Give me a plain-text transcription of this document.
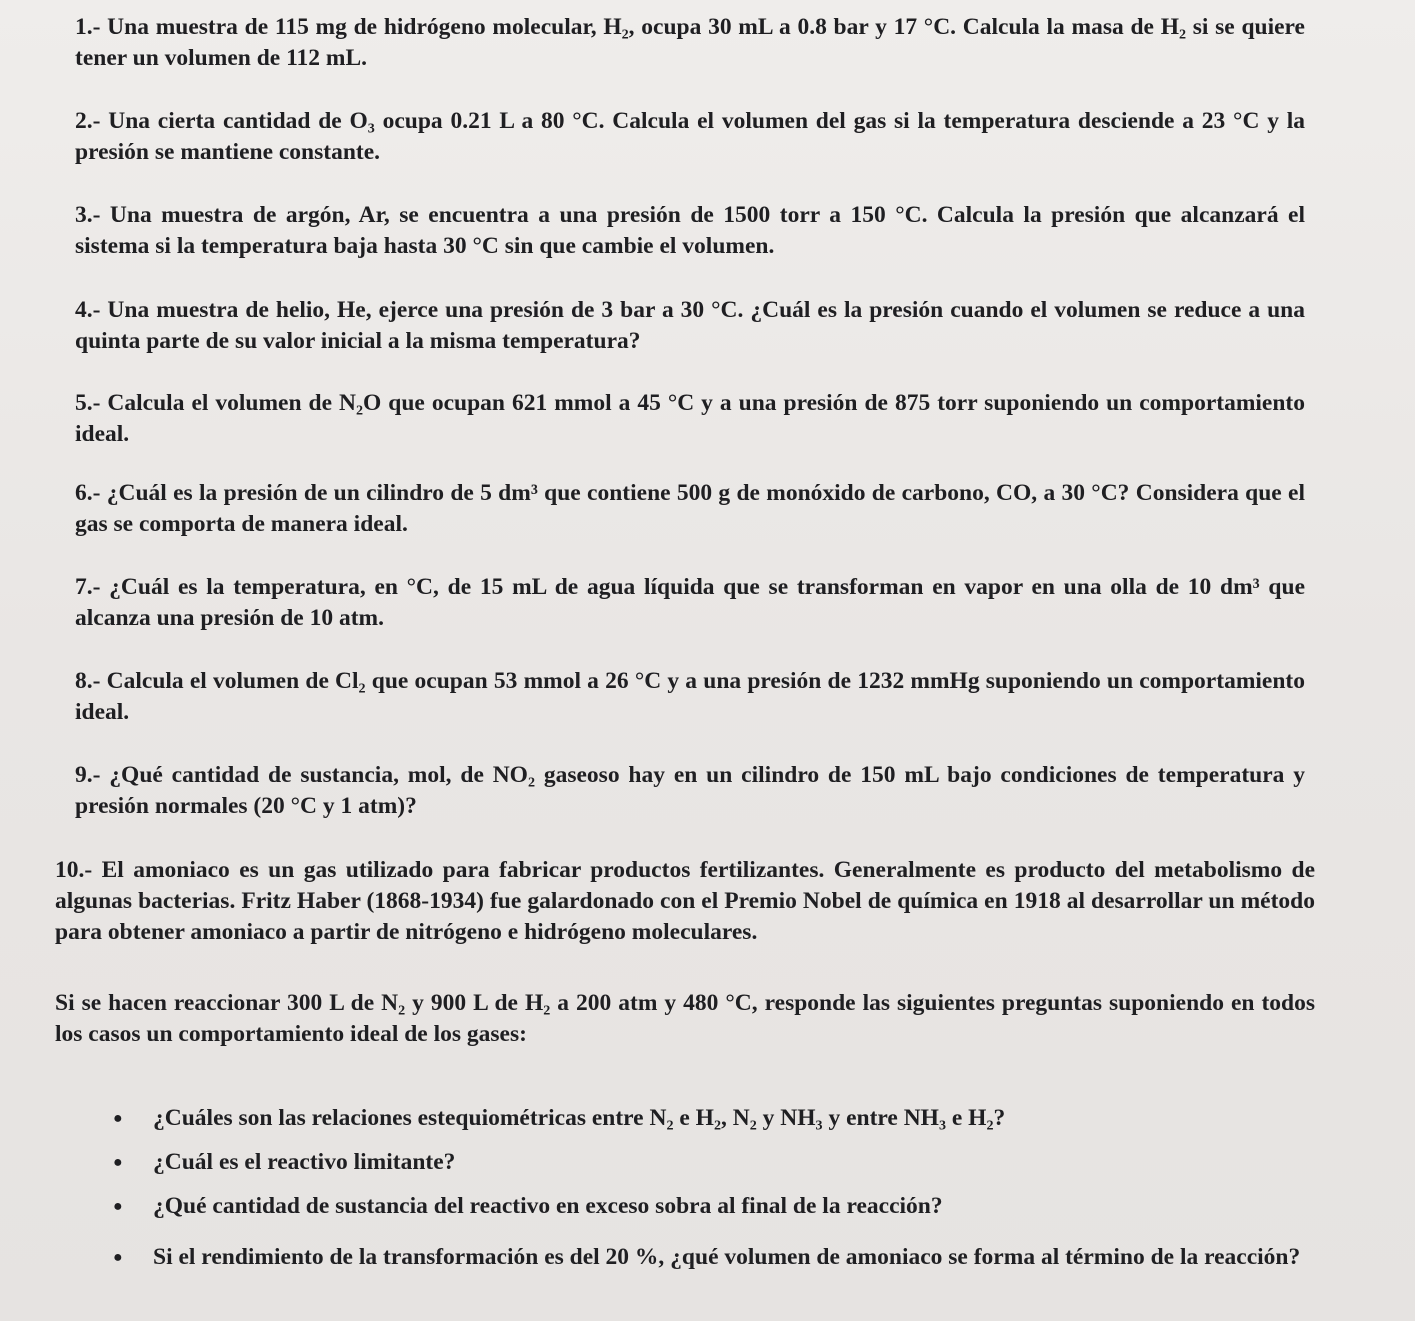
1.- Una muestra de 115 mg de hidrógeno molecular, H₂, ocupa 30 mL a 0.8 bar y 17 °C. Calcula la masa de H₂ si se quiere tener un volumen de 112 mL.

2.- Una cierta cantidad de O₃ ocupa 0.21 L a 80 °C. Calcula el volumen del gas si la temperatura desciende a 23 °C y la presión se mantiene constante.

3.- Una muestra de argón, Ar, se encuentra a una presión de 1500 torr a 150 °C. Calcula la presión que alcanzará el sistema si la temperatura baja hasta 30 °C sin que cambie el volumen.

4.- Una muestra de helio, He, ejerce una presión de 3 bar a 30 °C. ¿Cuál es la presión cuando el volumen se reduce a una quinta parte de su valor inicial a la misma temperatura?

5.- Calcula el volumen de N₂O que ocupan 621 mmol a 45 °C y a una presión de 875 torr suponiendo un comportamiento ideal.

6.- ¿Cuál es la presión de un cilindro de 5 dm³ que contiene 500 g de monóxido de carbono, CO, a 30 °C? Considera que el gas se comporta de manera ideal.

7.- ¿Cuál es la temperatura, en °C, de 15 mL de agua líquida que se transforman en vapor en una olla de 10 dm³ que alcanza una presión de 10 atm.

8.- Calcula el volumen de Cl₂ que ocupan 53 mmol a 26 °C y a una presión de 1232 mmHg suponiendo un comportamiento ideal.

9.- ¿Qué cantidad de sustancia, mol, de NO₂ gaseoso hay en un cilindro de 150 mL bajo condiciones de temperatura y presión normales (20 °C y 1 atm)?

10.- El amoniaco es un gas utilizado para fabricar productos fertilizantes. Generalmente es producto del metabolismo de algunas bacterias. Fritz Haber (1868-1934) fue galardonado con el Premio Nobel de química en 1918 al desarrollar un método para obtener amoniaco a partir de nitrógeno e hidrógeno moleculares.

Si se hacen reaccionar 300 L de N₂ y 900 L de H₂ a 200 atm y 480 °C, responde las siguientes preguntas suponiendo en todos los casos un comportamiento ideal de los gases:

● ¿Cuáles son las relaciones estequiométricas entre N₂ e H₂, N₂ y NH₃ y entre NH₃ e H₂?
● ¿Cuál es el reactivo limitante?
● ¿Qué cantidad de sustancia del reactivo en exceso sobra al final de la reacción?
● Si el rendimiento de la transformación es del 20 %, ¿qué volumen de amoniaco se forma al término de la reacción?
